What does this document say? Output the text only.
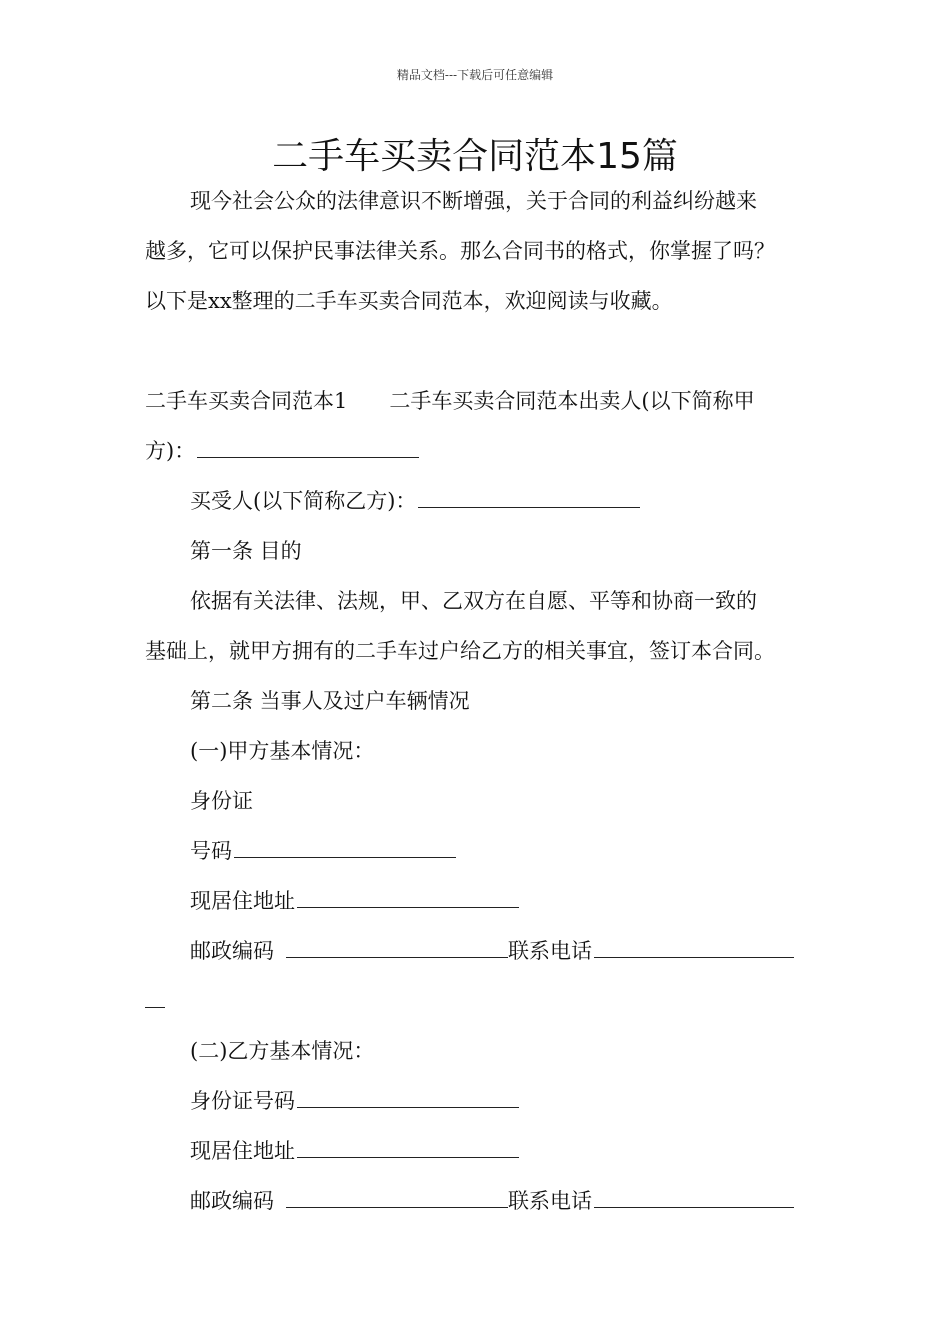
精品文档---下载后可任意编辑
二手车买卖合同范本15篇
现今社会公众的法律意识不断增强，关于合同的利益纠纷越来
越多，它可以保护民事法律关系。那么合同书的格式，你掌握了吗？
以下是xx整理的二手车买卖合同范本，欢迎阅读与收藏。
二手车买卖合同范本1 二手车买卖合同范本出卖人(以下简称甲
方)：
买受人(以下简称乙方)：
第一条 目的
依据有关法律、法规，甲、乙双方在自愿、平等和协商一致的
基础上，就甲方拥有的二手车过户给乙方的相关事宜，签订本合同。
第二条 当事人及过户车辆情况
(一)甲方基本情况：
身份证
号码
现居住地址
邮政编码	联系电话
(二)乙方基本情况：
身份证号码
现居住地址
邮政编码	联系电话
